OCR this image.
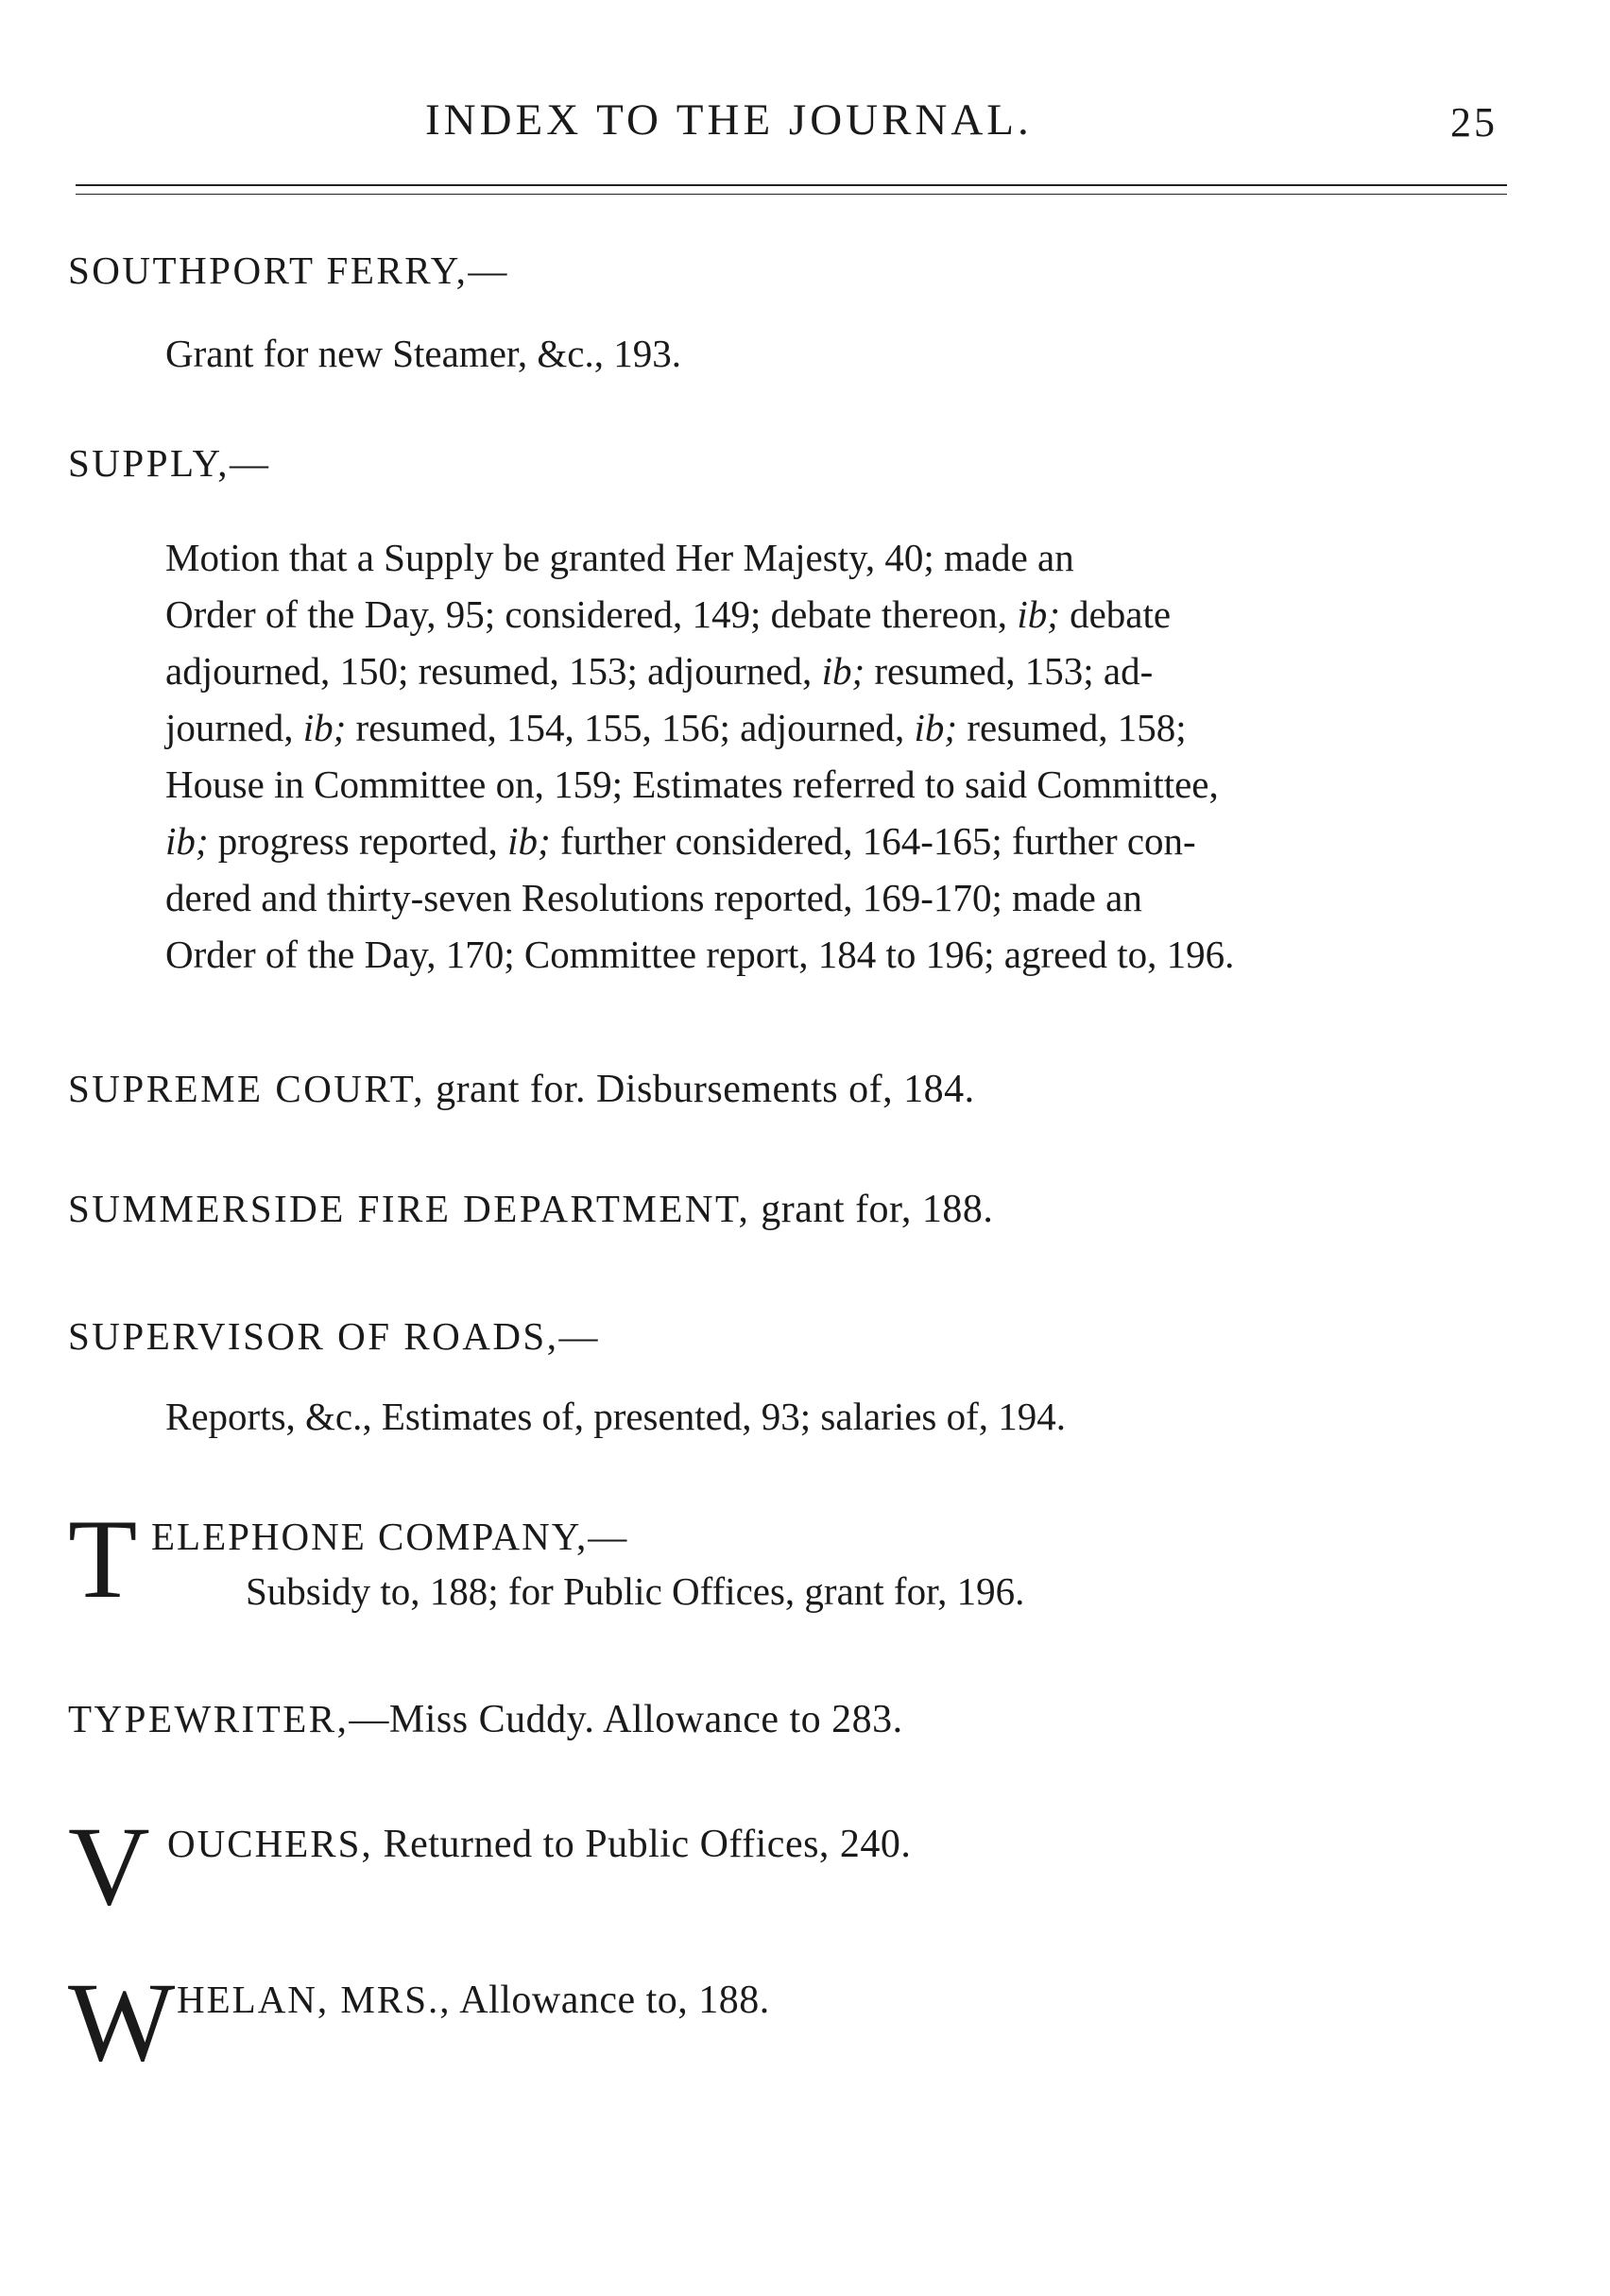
INDEX TO THE JOURNAL.	25
SOUTHPORT FERRY,—
Grant for new Steamer, &c., 193.
SUPPLY,—
Motion that a Supply be granted Her Majesty, 40; made an
Order of the Day, 95; considered, 149; debate thereon, ib; debate
adjourned, 150; resumed, 153; adjourned, ib; resumed, 153; ad-
journed, ib; resumed, 154, 155, 156; adjourned, ib; resumed, 158;
House in Committee on, 159; Estimates referred to said Committee,
ib; progress reported, ib; further considered, 164-165; further con-
dered and thirty-seven Resolutions reported, 169-170; made an
Order of the Day, 170; Committee report, 184 to 196; agreed to, 196.
SUPREME COURT, grant for. Disbursements of, 184.
SUMMERSIDE FIRE DEPARTMENT, grant for, 188.
SUPERVISOR OF ROADS,—
Reports, &c., Estimates of, presented, 93; salaries of, 194.
T ELEPHONE COMPANY,—
Subsidy to, 188; for Public Offices, grant for, 196.
TYPEWRITER,—Miss Cuddy. Allowance to 283.
V OUCHERS, Returned to Public Offices, 240.
W HELAN, MRS., Allowance to, 188.
